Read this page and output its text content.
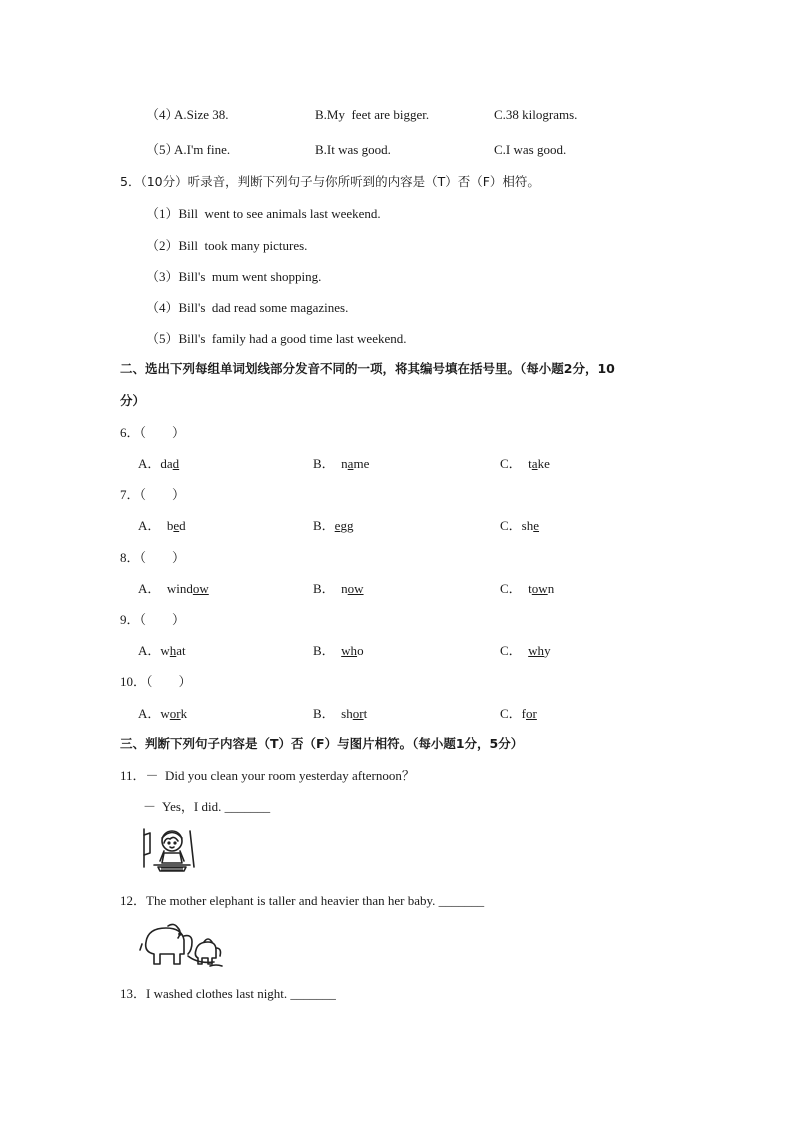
（4）
A.Size 38.	B.My  feet are bigger.	C.38 kilograms.
（5）
A.I'm fine.	B.It was good.	C.I was good.
5．（10分）听录音，判断下列句子与你所听到的内容是（T）否（F）相符。
（1）Bill  went to see animals last weekend.
（2）Bill  took many pictures.
（3）Bill's  mum went shopping.
（4）Bill's  dad read some magazines.
（5）Bill's  family had a good time last weekend.
二、选出下列每组单词划线部分发音不同的一项，将其编号填在括号里。（每小题2分，10
分）
6．（　　）
A．dad	B．  name	C．  take
7．（　　）
A．  bed	B．egg	C．she
8．（　　）
A．  window	B．  now	C．  town
9．（　　）
A．what	B．  who	C．  why
10．（　　）
A．work	B．  short	C．for
三、判断下列句子内容是（T）否（F）与图片相符。（每小题1分，5分）
11．－  Did you clean your room yesterday afternoon？
－  Yes，I did. _______
12．The mother elephant is taller and heavier than her baby. _______
13．I washed clothes last night. _______
